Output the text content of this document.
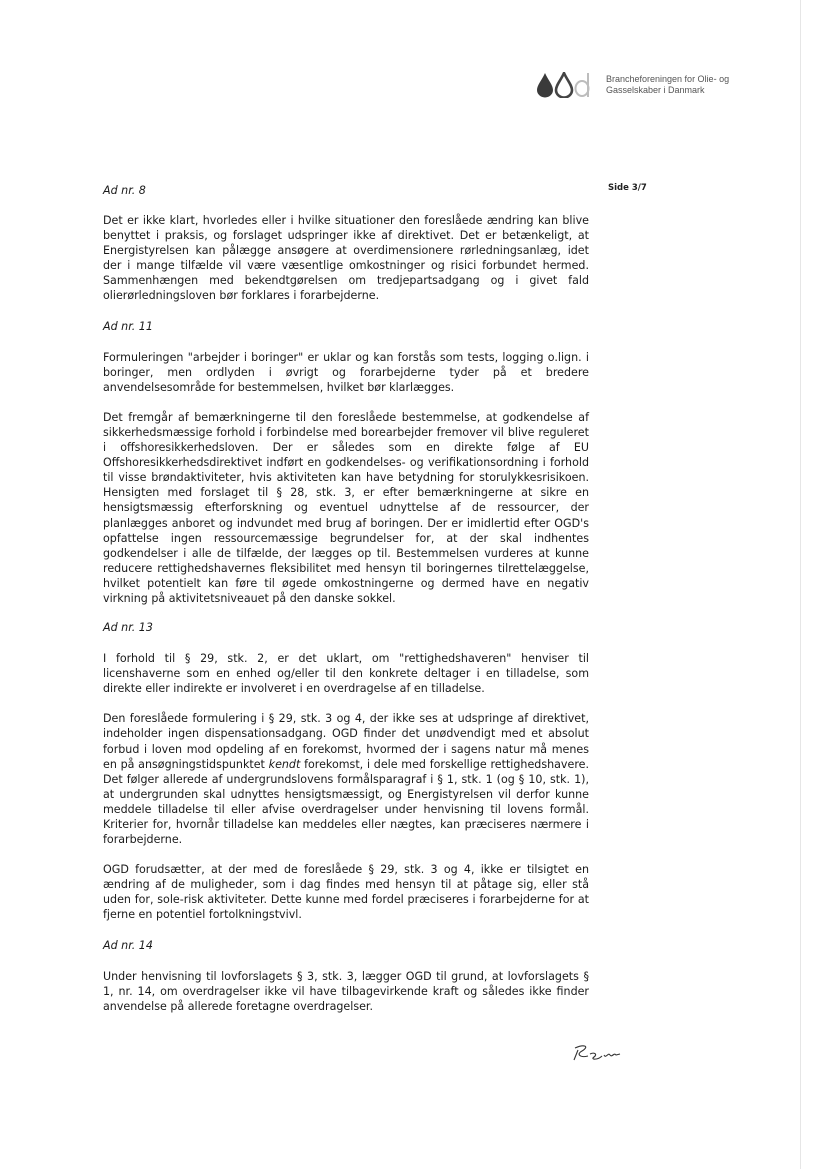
Brancheforeningen for Olie- og
Gasselskaber i Danmark
Side 3/7

Ad nr. 8

Det er ikke klart, hvorledes eller i hvilke situationer den foreslåede ændring kan blive benyttet i praksis, og forslaget udspringer ikke af direktivet. Det er betænkeligt, at Energistyrelsen kan pålægge ansøgere at overdimensionere rørledningsanlæg, idet der i mange tilfælde vil være væsentlige omkostninger og risici forbundet hermed. Sammenhængen med bekendtgørelsen om tredjepartsadgang og i givet fald olierørledningsloven bør forklares i forarbejderne.

Ad nr. 11

Formuleringen "arbejder i boringer" er uklar og kan forstås som tests, logging o.lign. i boringer, men ordlyden i øvrigt og forarbejderne tyder på et bredere anvendelsesområde for bestemmelsen, hvilket bør klarlægges.

Det fremgår af bemærkningerne til den foreslåede bestemmelse, at godkendelse af sikkerhedsmæssige forhold i forbindelse med borearbejder fremover vil blive reguleret i offshoresikkerhedsloven. Der er således som en direkte følge af EU Offshoresikkerhedsdirektivet indført en godkendelses- og verifikationsordning i forhold til visse brøndaktiviteter, hvis aktiviteten kan have betydning for storulykkesrisikoen. Hensigten med forslaget til § 28, stk. 3, er efter bemærkningerne at sikre en hensigtsmæssig efterforskning og eventuel udnyttelse af de ressourcer, der planlægges anboret og indvundet med brug af boringen. Der er imidlertid efter OGD's opfattelse ingen ressourcemæssige begrundelser for, at der skal indhentes godkendelser i alle de tilfælde, der lægges op til. Bestemmelsen vurderes at kunne reducere rettighedshavernes fleksibilitet med hensyn til boringernes tilrettelæggelse, hvilket potentielt kan føre til øgede omkostningerne og dermed have en negativ virkning på aktivitetsniveauet på den danske sokkel.

Ad nr. 13

I forhold til § 29, stk. 2, er det uklart, om "rettighedshaveren" henviser til licenshaverne som en enhed og/eller til den konkrete deltager i en tilladelse, som direkte eller indirekte er involveret i en overdragelse af en tilladelse.

Den foreslåede formulering i § 29, stk. 3 og 4, der ikke ses at udspringe af direktivet, indeholder ingen dispensationsadgang. OGD finder det unødvendigt med et absolut forbud i loven mod opdeling af en forekomst, hvormed der i sagens natur må menes en på ansøgningstidspunktet kendt forekomst, i dele med forskellige rettighedshavere. Det følger allerede af undergrundslovens formålsparagraf i § 1, stk. 1 (og § 10, stk. 1), at undergrunden skal udnyttes hensigtsmæssigt, og Energistyrelsen vil derfor kunne meddele tilladelse til eller afvise overdragelser under henvisning til lovens formål. Kriterier for, hvornår tilladelse kan meddeles eller nægtes, kan præciseres nærmere i forarbejderne.

OGD forudsætter, at der med de foreslåede § 29, stk. 3 og 4, ikke er tilsigtet en ændring af de muligheder, som i dag findes med hensyn til at påtage sig, eller stå uden for, sole-risk aktiviteter. Dette kunne med fordel præciseres i forarbejderne for at fjerne en potentiel fortolkningstvivl.

Ad nr. 14

Under henvisning til lovforslagets § 3, stk. 3, lægger OGD til grund, at lovforslagets § 1, nr. 14, om overdragelser ikke vil have tilbagevirkende kraft og således ikke finder anvendelse på allerede foretagne overdragelser.
